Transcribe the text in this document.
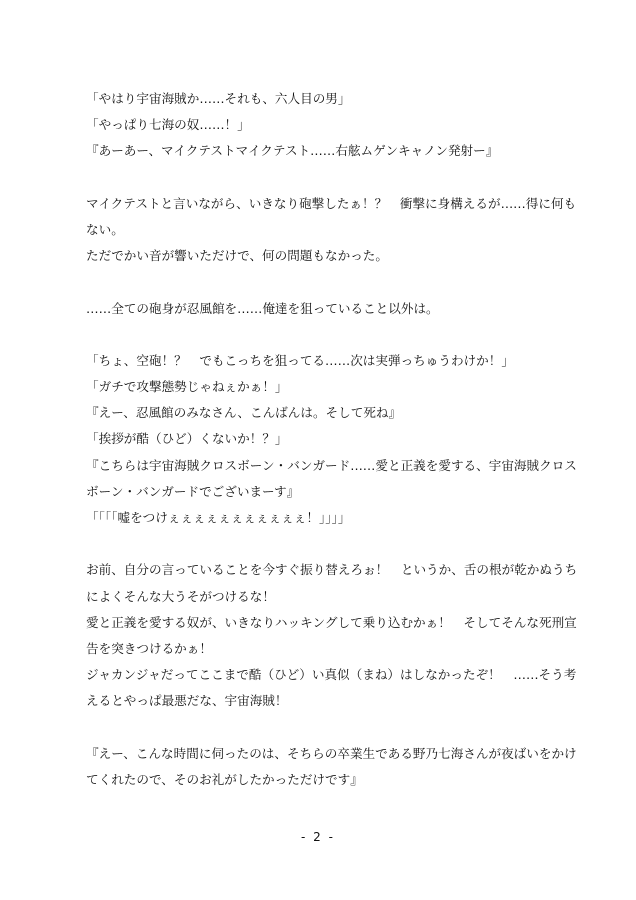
「やはり宇宙海賊か……それも、六人目の男」
「やっぱり七海の奴……！」
『あーあー、マイクテストマイクテスト……右舷ムゲンキャノン発射ー』
マイクテストと言いながら、いきなり砲撃したぁ！？　衝撃に身構えるが……得に何も
ない。
ただでかい音が響いただけで、何の問題もなかった。
……全ての砲身が忍風館を……俺達を狙っていること以外は。
「ちょ、空砲！？　でもこっちを狙ってる……次は実弾っちゅうわけか！」
「ガチで攻撃態勢じゃねぇかぁ！」
『えー、忍風館のみなさん、こんばんは。そして死ね』
「挨拶が酷（ひど）くないか！？」
『こちらは宇宙海賊クロスボーン・バンガード……愛と正義を愛する、宇宙海賊クロス
ボーン・バンガードでございまーす』
「「「「嘘をつけぇぇぇぇぇぇぇぇぇぇぇ！」」」」
お前、自分の言っていることを今すぐ振り替えろぉ！　というか、舌の根が乾かぬうち
によくそんな大うそがつけるな！
愛と正義を愛する奴が、いきなりハッキングして乗り込むかぁ！　そしてそんな死刑宣
告を突きつけるかぁ！
ジャカンジャだってここまで酷（ひど）い真似（まね）はしなかったぞ！　……そう考
えるとやっぱ最悪だな、宇宙海賊！
『えー、こんな時間に伺ったのは、そちらの卒業生である野乃七海さんが夜ばいをかけ
てくれたので、そのお礼がしたかっただけです』
- 2 -
